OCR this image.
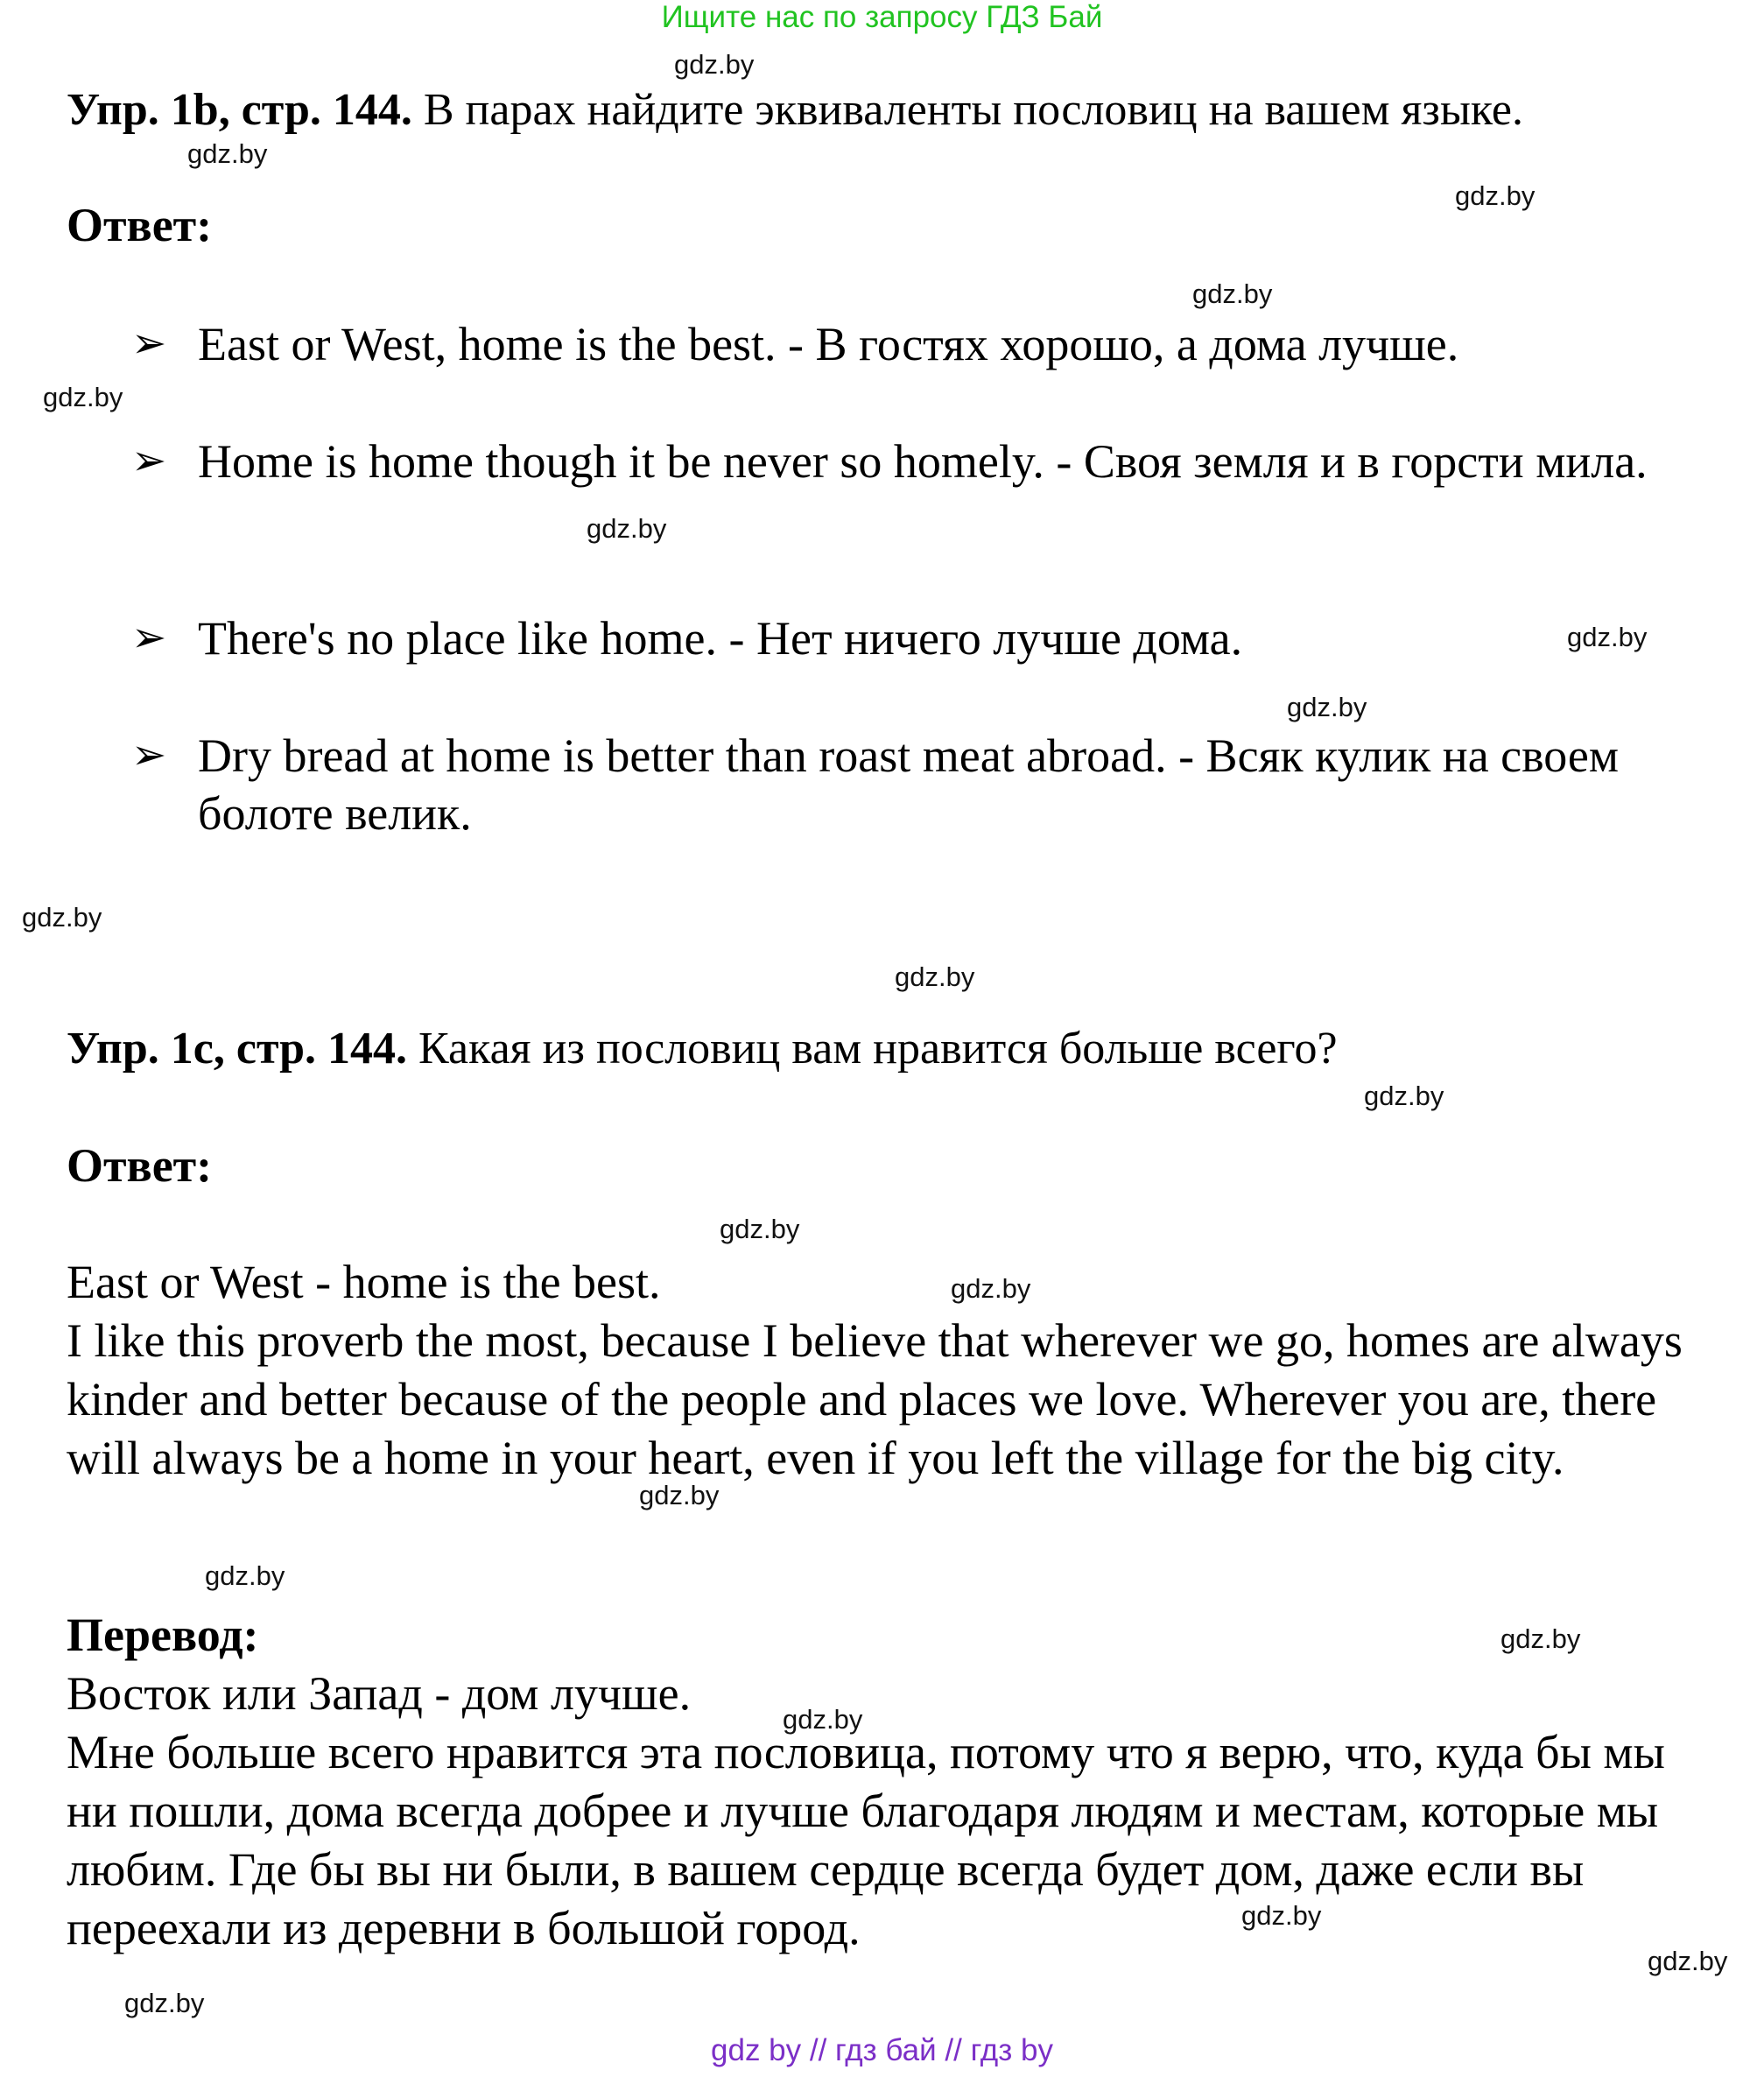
Ищите нас по запросу ГДЗ Бай
Упр. 1b, стр. 144. В парах найдите эквиваленты пословиц на вашем языке.
Ответ:
➢ East or West, home is the best. - В гостях хорошо, а дома лучше.
➢ Home is home though it be never so homely. - Своя земля и в горсти мила.
➢ There's no place like home. - Нет ничего лучше дома.
➢ Dry bread at home is better than roast meat abroad. - Всяк кулик на своем болоте велик.
Упр. 1c, стр. 144. Какая из пословиц вам нравится больше всего?
Ответ:
East or West - home is the best.
I like this proverb the most, because I believe that wherever we go, homes are always kinder and better because of the people and places we love. Wherever you are, there will always be a home in your heart, even if you left the village for the big city.
Перевод:
Восток или Запад - дом лучше.
Мне больше всего нравится эта пословица, потому что я верю, что, куда бы мы ни пошли, дома всегда добрее и лучше благодаря людям и местам, которые мы любим. Где бы вы ни были, в вашем сердце всегда будет дом, даже если вы переехали из деревни в большой город.
gdz.by
gdz.by
gdz.by
gdz.by
gdz.by
gdz.by
gdz.by
gdz.by
gdz.by
gdz.by
gdz.by
gdz.by
gdz.by
gdz.by
gdz.by
gdz.by
gdz.by
gdz.by
gdz.by
gdz.by
gdz by // гдз бай // гдз by
